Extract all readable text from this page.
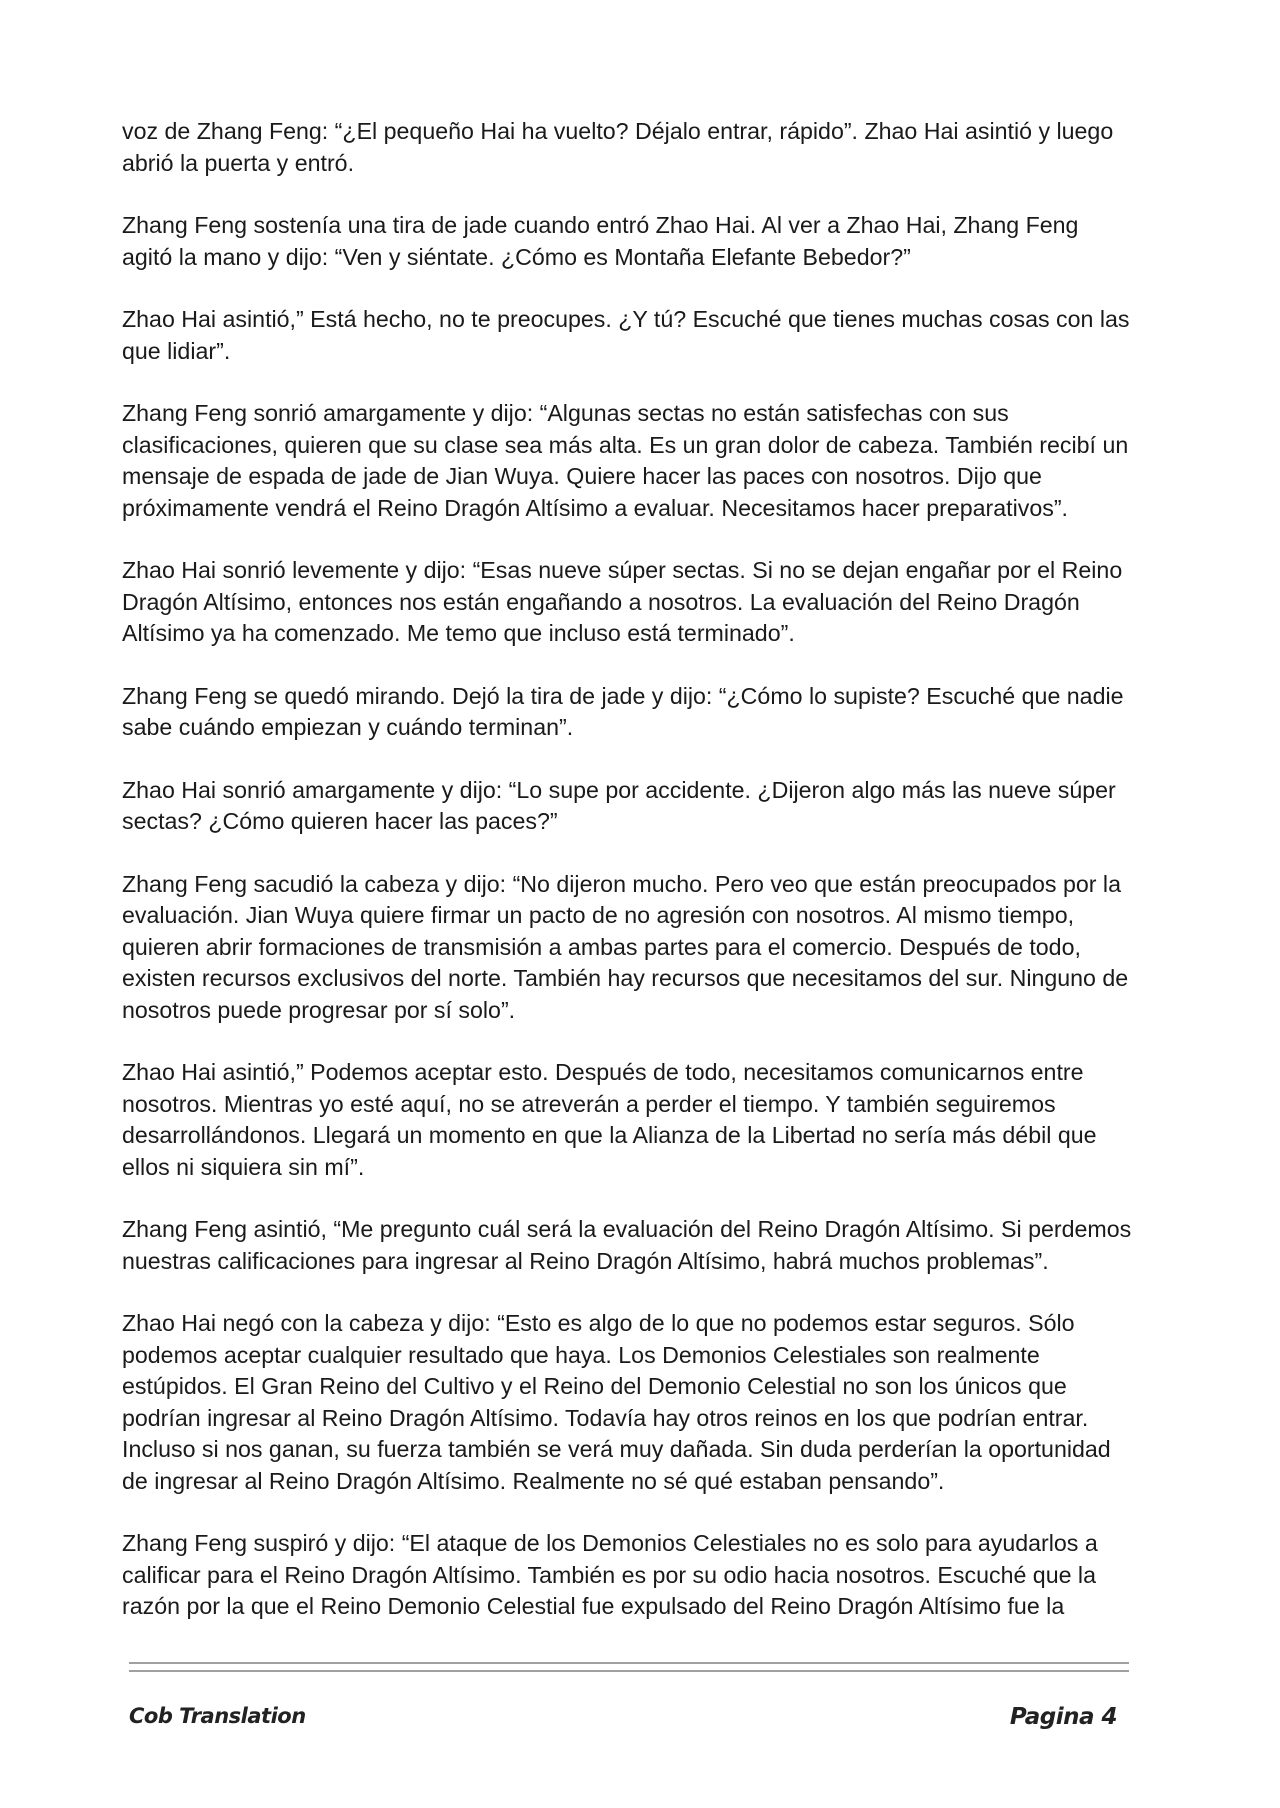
voz de Zhang Feng: “¿El pequeño Hai ha vuelto? Déjalo entrar, rápido”. Zhao Hai asintió y luego abrió la puerta y entró.

Zhang Feng sostenía una tira de jade cuando entró Zhao Hai. Al ver a Zhao Hai, Zhang Feng agitó la mano y dijo: “Ven y siéntate. ¿Cómo es Montaña Elefante Bebedor?”

Zhao Hai asintió,” Está hecho, no te preocupes. ¿Y tú? Escuché que tienes muchas cosas con las que lidiar”.

Zhang Feng sonrió amargamente y dijo: “Algunas sectas no están satisfechas con sus clasificaciones, quieren que su clase sea más alta. Es un gran dolor de cabeza. También recibí un mensaje de espada de jade de Jian Wuya. Quiere hacer las paces con nosotros. Dijo que próximamente vendrá el Reino Dragón Altísimo a evaluar. Necesitamos hacer preparativos”.

Zhao Hai sonrió levemente y dijo: “Esas nueve súper sectas. Si no se dejan engañar por el Reino Dragón Altísimo, entonces nos están engañando a nosotros. La evaluación del Reino Dragón Altísimo ya ha comenzado. Me temo que incluso está terminado”.

Zhang Feng se quedó mirando. Dejó la tira de jade y dijo: “¿Cómo lo supiste? Escuché que nadie sabe cuándo empiezan y cuándo terminan”.

Zhao Hai sonrió amargamente y dijo: “Lo supe por accidente. ¿Dijeron algo más las nueve súper sectas? ¿Cómo quieren hacer las paces?”

Zhang Feng sacudió la cabeza y dijo: “No dijeron mucho. Pero veo que están preocupados por la evaluación. Jian Wuya quiere firmar un pacto de no agresión con nosotros. Al mismo tiempo, quieren abrir formaciones de transmisión a ambas partes para el comercio. Después de todo, existen recursos exclusivos del norte. También hay recursos que necesitamos del sur. Ninguno de nosotros puede progresar por sí solo”.

Zhao Hai asintió,” Podemos aceptar esto. Después de todo, necesitamos comunicarnos entre nosotros. Mientras yo esté aquí, no se atreverán a perder el tiempo. Y también seguiremos desarrollándonos. Llegará un momento en que la Alianza de la Libertad no sería más débil que ellos ni siquiera sin mí”.

Zhang Feng asintió, “Me pregunto cuál será la evaluación del Reino Dragón Altísimo. Si perdemos nuestras calificaciones para ingresar al Reino Dragón Altísimo, habrá muchos problemas”.

Zhao Hai negó con la cabeza y dijo: “Esto es algo de lo que no podemos estar seguros. Sólo podemos aceptar cualquier resultado que haya. Los Demonios Celestiales son realmente estúpidos. El Gran Reino del Cultivo y el Reino del Demonio Celestial no son los únicos que podrían ingresar al Reino Dragón Altísimo. Todavía hay otros reinos en los que podrían entrar. Incluso si nos ganan, su fuerza también se verá muy dañada. Sin duda perderían la oportunidad de ingresar al Reino Dragón Altísimo. Realmente no sé qué estaban pensando”.

Zhang Feng suspiró y dijo: “El ataque de los Demonios Celestiales no es solo para ayudarlos a calificar para el Reino Dragón Altísimo. También es por su odio hacia nosotros. Escuché que la razón por la que el Reino Demonio Celestial fue expulsado del Reino Dragón Altísimo fue la

Cob Translation	Pagina 4
